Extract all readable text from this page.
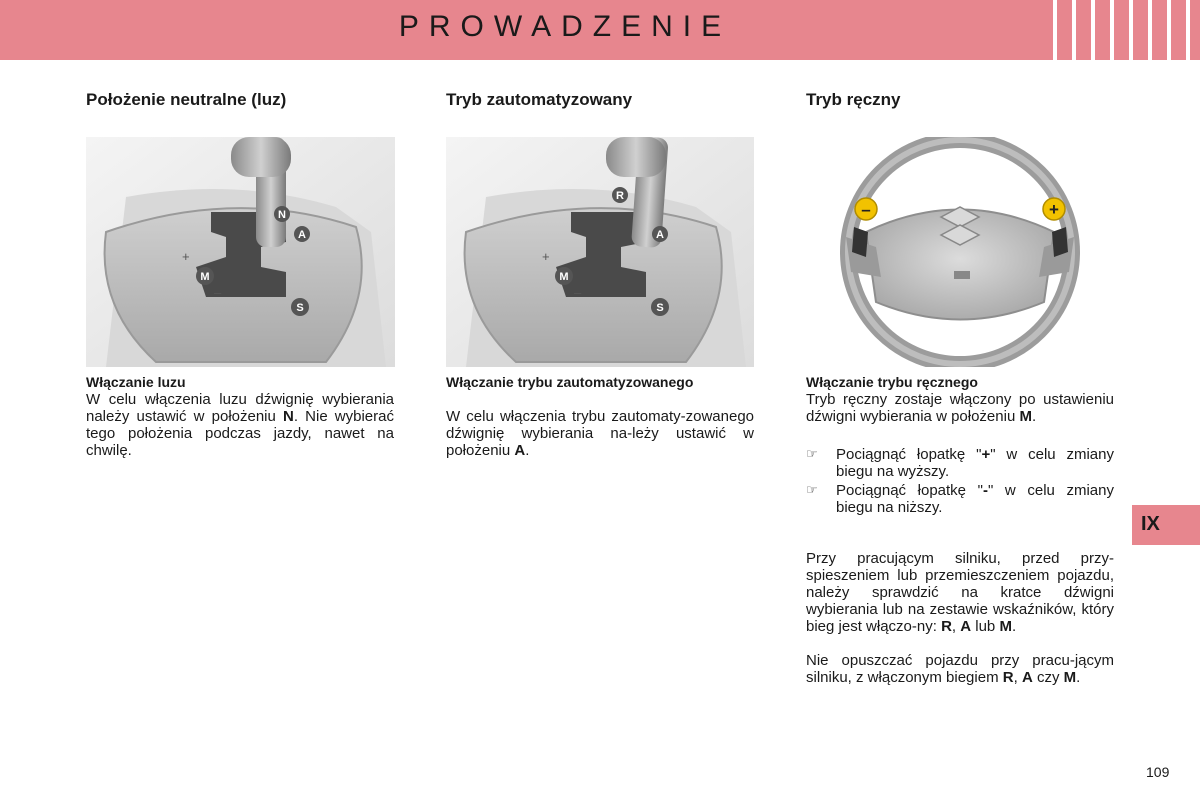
PROWADZENIE
Położenie neutralne (luz)
N
A
M
S
+
–
Włączanie luzu
W celu włączenia luzu dźwignię wybierania należy ustawić w położeniu N. Nie wybierać tego położenia podczas jazdy, nawet na chwilę.
Tryb zautomatyzowany
R
A
M
S
+
–
Włączanie trybu zautomatyzowanego
W celu włączenia trybu zautomaty-zowanego dźwignię wybierania na-leży ustawić w położeniu A.
Tryb ręczny
–	+
Włączanie trybu ręcznego
Tryb ręczny zostaje włączony po ustawieniu dźwigni wybierania w położeniu M.
☞	Pociągnąć łopatkę "+" w celu zmiany biegu na wyższy.
☞	Pociągnąć łopatkę "-" w celu zmiany biegu na niższy.
Przy pracującym silniku, przed przy-spieszeniem lub przemieszczeniem pojazdu, należy sprawdzić na kratce dźwigni wybierania lub na zestawie wskaźników, który bieg jest włączo-ny: R, A lub M.
Nie opuszczać pojazdu przy pracu-jącym silniku, z włączonym biegiem R, A czy M.
IX
109
